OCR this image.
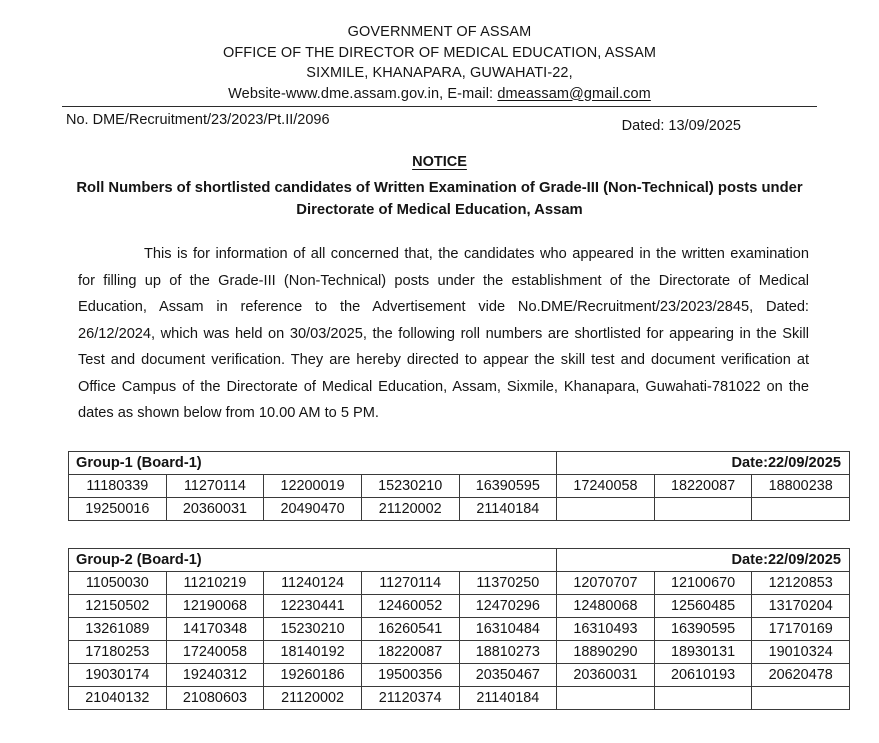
GOVERNMENT OF ASSAM
OFFICE OF THE DIRECTOR OF MEDICAL EDUCATION, ASSAM
SIXMILE, KHANAPARA, GUWAHATI-22,
Website-www.dme.assam.gov.in, E-mail: dmeassam@gmail.com
No. DME/Recruitment/23/2023/Pt.II/2096	Dated: 13/09/2025
NOTICE
Roll Numbers of shortlisted candidates of Written Examination of Grade-III (Non-Technical) posts under Directorate of Medical Education, Assam
This is for information of all concerned that, the candidates who appeared in the written examination for filling up of the Grade-III (Non-Technical) posts under the establishment of the Directorate of Medical Education, Assam in reference to the Advertisement vide No.DME/Recruitment/23/2023/2845, Dated: 26/12/2024, which was held on 30/03/2025, the following roll numbers are shortlisted for appearing in the Skill Test and document verification. They are hereby directed to appear the skill test and document verification at Office Campus of the Directorate of Medical Education, Assam, Sixmile, Khanapara, Guwahati-781022 on the dates as shown below from 10.00 AM to 5 PM.
Group-1 (Board-1)					Date:22/09/2025		
11180339	11270114	12200019	15230210	16390595	17240058	18220087	18800238
19250016	20360031	20490470	21120002	21140184			
Group-2 (Board-1)					Date:22/09/2025		
11050030	11210219	11240124	11270114	11370250	12070707	12100670	12120853
12150502	12190068	12230441	12460052	12470296	12480068	12560485	13170204
13261089	14170348	15230210	16260541	16310484	16310493	16390595	17170169
17180253	17240058	18140192	18220087	18810273	18890290	18930131	19010324
19030174	19240312	19260186	19500356	20350467	20360031	20610193	20620478
21040132	21080603	21120002	21120374	21140184			
